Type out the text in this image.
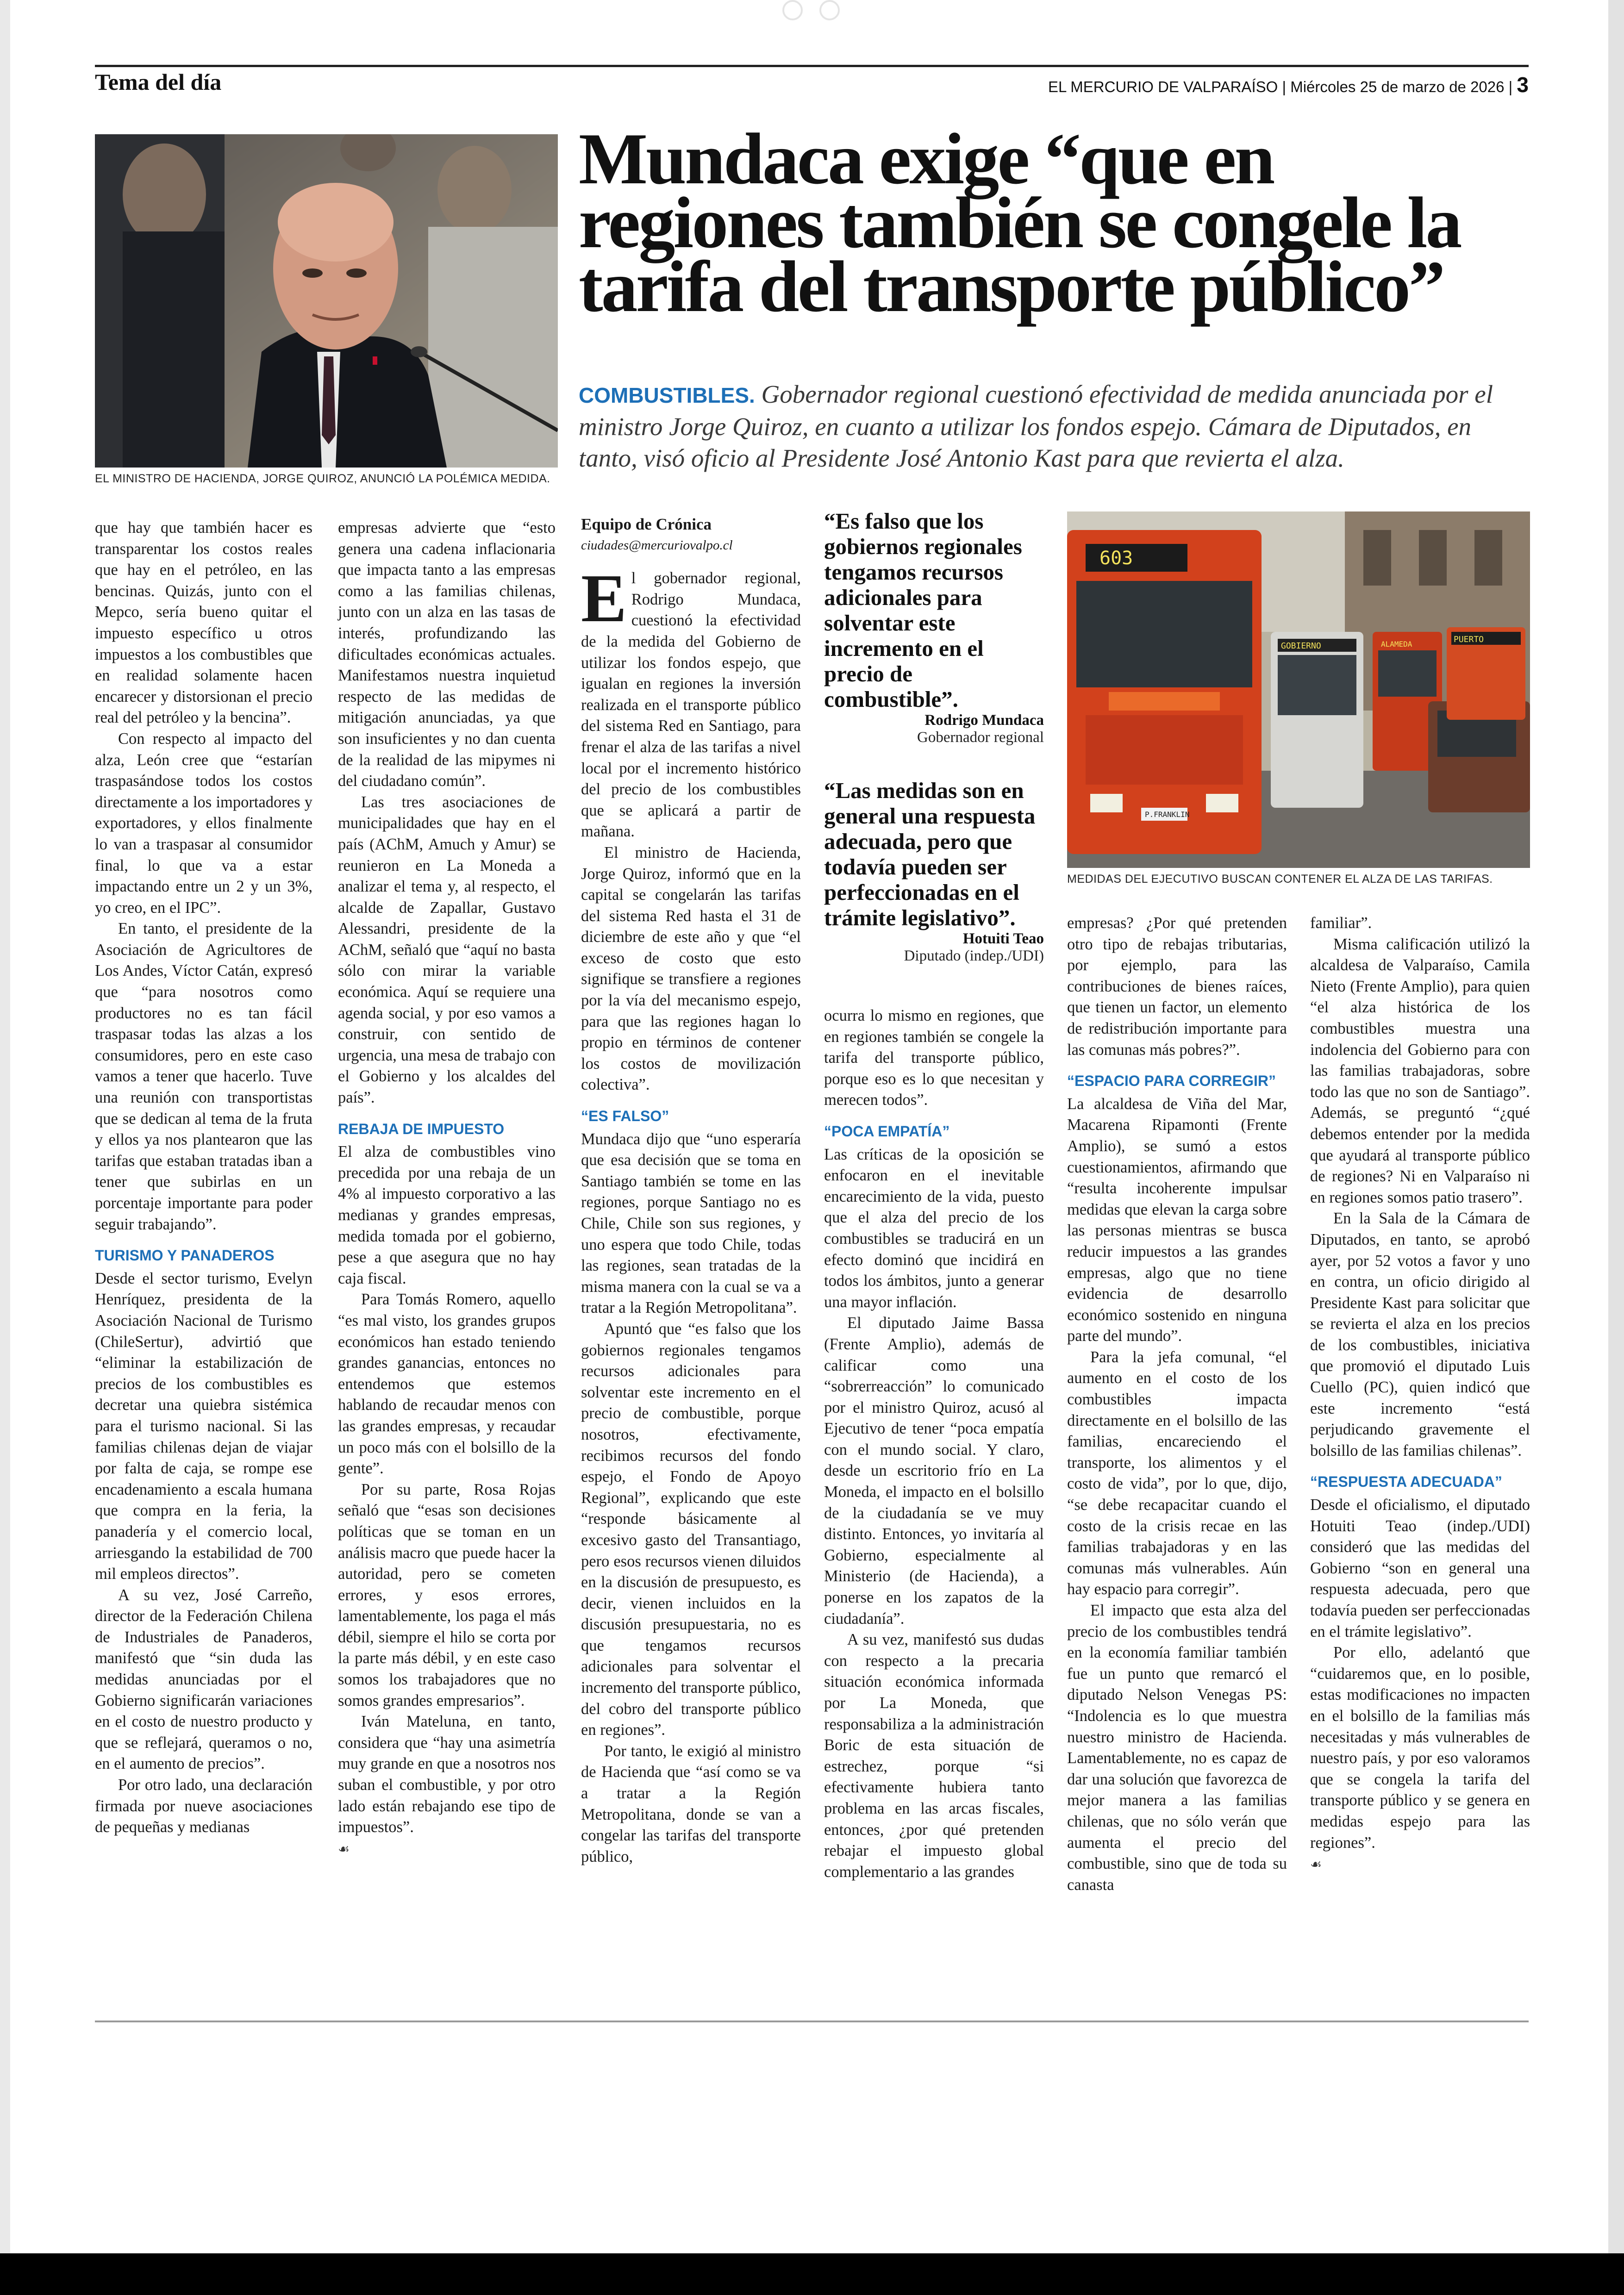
Tema del día	EL MERCURIO DE VALPARAÍSO | Miércoles 25 de marzo de 2026 | 3
EL MINISTRO DE HACIENDA, JORGE QUIROZ, ANUNCIÓ LA POLÉMICA MEDIDA.
Mundaca exige “que en regiones también se congele la tarifa del transporte público”
COMBUSTIBLES. Gobernador regional cuestionó efectividad de medida anunciada por el ministro Jorge Quiroz, en cuanto a utilizar los fondos espejo. Cámara de Diputados, en tanto, visó oficio al Presidente José Antonio Kast para que revierta el alza.

que hay que también hacer es transparentar los costos reales que hay en el petróleo, en las bencinas. Quizás, junto con el Mepco, sería bueno quitar el impuesto específico u otros impuestos a los combustibles que en realidad solamente hacen encarecer y distorsionan el precio real del petróleo y la bencina”.

Con respecto al impacto del alza, León cree que “estarían traspasándose todos los costos directamente a los importadores y exportadores, y ellos finalmente lo van a traspasar al consumidor final, lo que va a estar impactando entre un 2 y un 3%, yo creo, en el IPC”.

En tanto, el presidente de la Asociación de Agricultores de Los Andes, Víctor Catán, expresó que “para nosotros como productores no es tan fácil traspasar todas las alzas a los consumidores, pero en este caso vamos a tener que hacerlo. Tuve una reunión con transportistas que se dedican al tema de la fruta y ellos ya nos plantearon que las tarifas que estaban tratadas iban a tener que subirlas en un porcentaje importante para poder seguir trabajando”.

TURISMO Y PANADEROS

Desde el sector turismo, Evelyn Henríquez, presidenta de la Asociación Nacional de Turismo (ChileSertur), advirtió que “eliminar la estabilización de precios de los combustibles es decretar una quiebra sistémica para el turismo nacional. Si las familias chilenas dejan de viajar por falta de caja, se rompe ese encadenamiento a escala humana que compra en la feria, la panadería y el comercio local, arriesgando la estabilidad de 700 mil empleos directos”.

A su vez, José Carreño, director de la Federación Chilena de Industriales de Panaderos, manifestó que “sin duda las medidas anunciadas por el Gobierno significarán variaciones en el costo de nuestro producto y que se reflejará, queramos o no, en el aumento de precios”.

Por otro lado, una declaración firmada por nueve asociaciones de pequeñas y medianas

empresas advierte que “esto genera una cadena inflacionaria que impacta tanto a las empresas como a las familias chilenas, junto con un alza en las tasas de interés, profundizando las dificultades económicas actuales. Manifestamos nuestra inquietud respecto de las medidas de mitigación anunciadas, ya que son insuficientes y no dan cuenta de la realidad de las mipymes ni del ciudadano común”.

Las tres asociaciones de municipalidades que hay en el país (AChM, Amuch y Amur) se reunieron en La Moneda a analizar el tema y, al respecto, el alcalde de Zapallar, Gustavo Alessandri, presidente de la AChM, señaló que “aquí no basta sólo con mirar la variable económica. Aquí se requiere una agenda social, y por eso vamos a construir, con sentido de urgencia, una mesa de trabajo con el Gobierno y los alcaldes del país”.

REBAJA DE IMPUESTO

El alza de combustibles vino precedida por una rebaja de un 4% al impuesto corporativo a las medianas y grandes empresas, medida tomada por el gobierno, pese a que asegura que no hay caja fiscal.

Para Tomás Romero, aquello “es mal visto, los grandes grupos económicos han estado teniendo grandes ganancias, entonces no entendemos que estemos hablando de recaudar menos con las grandes empresas, y recaudar un poco más con el bolsillo de la gente”.

Por su parte, Rosa Rojas señaló que “esas son decisiones políticas que se toman en un análisis macro que puede hacer la autoridad, pero se cometen errores, y esos errores, lamentablemente, los paga el más débil, siempre el hilo se corta por la parte más débil, y en este caso somos los trabajadores que no somos grandes empresarios”.

Iván Mateluna, en tanto, considera que “hay una asimetría muy grande en que a nosotros nos suban el combustible, y por otro lado están rebajando ese tipo de impuestos”.

☙
Equipo de Crónica
ciudades@mercuriovalpo.cl

El gobernador regional, Rodrigo Mundaca, cuestionó la efectividad de la medida del Gobierno de utilizar los fondos espejo, que igualan en regiones la inversión realizada en el transporte público del sistema Red en Santiago, para frenar el alza de las tarifas a nivel local por el incremento histórico del precio de los combustibles que se aplicará a partir de mañana.

El ministro de Hacienda, Jorge Quiroz, informó que en la capital se congelarán las tarifas del sistema Red hasta el 31 de diciembre de este año y que “el exceso de costo que esto signifique se transfiere a regiones por la vía del mecanismo espejo, para que las regiones hagan lo propio en términos de contener los costos de movilización colectiva”.

“ES FALSO”

Mundaca dijo que “uno esperaría que esa decisión que se toma en Santiago también se tome en las regiones, porque Santiago no es Chile, Chile son sus regiones, y uno espera que todo Chile, todas las regiones, sean tratadas de la misma manera con la cual se va a tratar a la Región Metropolitana”.

Apuntó que “es falso que los gobiernos regionales tengamos recursos adicionales para solventar este incremento en el precio de combustible, porque nosotros, efectivamente, recibimos recursos del fondo espejo, el Fondo de Apoyo Regional”, explicando que este “responde básicamente al excesivo gasto del Transantiago, pero esos recursos vienen diluidos en la discusión de presupuesto, es decir, vienen incluidos en la discusión presupuestaria, no es que tengamos recursos adicionales para solventar el incremento del transporte público, del cobro del transporte público en regiones”.

Por tanto, le exigió al ministro de Hacienda que “así como se va a tratar a la Región Metropolitana, donde se van a congelar las tarifas del transporte público,

“Es falso que los gobiernos regionales tengamos recursos adicionales para solventar este incremento en el precio de combustible”.
Rodrigo Mundaca
Gobernador regional
“Las medidas son en general una respuesta adecuada, pero que todavía pueden ser perfeccionadas en el trámite legislativo”.
Hotuiti Teao
Diputado (indep./UDI)

ocurra lo mismo en regiones, que en regiones también se congele la tarifa del transporte público, porque eso es lo que necesitan y merecen todos”.

“POCA EMPATÍA”

Las críticas de la oposición se enfocaron en el inevitable encarecimiento de la vida, puesto que el alza del precio de los combustibles se traducirá en un efecto dominó que incidirá en todos los ámbitos, junto a generar una mayor inflación.

El diputado Jaime Bassa (Frente Amplio), además de calificar como una “sobrerreacción” lo comunicado por el ministro Quiroz, acusó al Ejecutivo de tener “poca empatía con el mundo social. Y claro, desde un escritorio frío en La Moneda, el impacto en el bolsillo de la ciudadanía se ve muy distinto. Entonces, yo invitaría al Gobierno, especialmente al Ministerio (de Hacienda), a ponerse en los zapatos de la ciudadanía”.

A su vez, manifestó sus dudas con respecto a la precaria situación económica informada por La Moneda, que responsabiliza a la administración Boric de esta situación de estrechez, porque “si efectivamente hubiera tanto problema en las arcas fiscales, entonces, ¿por qué pretenden rebajar el impuesto global complementario a las grandes

603
GOBIERNO	ALAMEDA	PUERTO
P.FRANKLIN
MEDIDAS DEL EJECUTIVO BUSCAN CONTENER EL ALZA DE LAS TARIFAS.

empresas? ¿Por qué pretenden otro tipo de rebajas tributarias, por ejemplo, para las contribuciones de bienes raíces, que tienen un factor, un elemento de redistribución importante para las comunas más pobres?”.

“ESPACIO PARA CORREGIR”

La alcaldesa de Viña del Mar, Macarena Ripamonti (Frente Amplio), se sumó a estos cuestionamientos, afirmando que “resulta incoherente impulsar medidas que elevan la carga sobre las personas mientras se busca reducir impuestos a las grandes empresas, algo que no tiene evidencia de desarrollo económico sostenido en ninguna parte del mundo”.

Para la jefa comunal, “el aumento en el costo de los combustibles impacta directamente en el bolsillo de las familias, encareciendo el transporte, los alimentos y el costo de vida”, por lo que, dijo, “se debe recapacitar cuando el costo de la crisis recae en las familias trabajadoras y en las comunas más vulnerables. Aún hay espacio para corregir”.

El impacto que esta alza del precio de los combustibles tendrá en la economía familiar también fue un punto que remarcó el diputado Nelson Venegas PS: “Indolencia es lo que muestra nuestro ministro de Hacienda. Lamentablemente, no es capaz de dar una solución que favorezca de mejor manera a las familias chilenas, que no sólo verán que aumenta el precio del combustible, sino que de toda su canasta

familiar”.

Misma calificación utilizó la alcaldesa de Valparaíso, Camila Nieto (Frente Amplio), para quien “el alza histórica de los combustibles muestra una indolencia del Gobierno para con las familias trabajadoras, sobre todo las que no son de Santiago”. Además, se preguntó “¿qué debemos entender por la medida que ayudará al transporte público de regiones? Ni en Valparaíso ni en regiones somos patio trasero”.

En la Sala de la Cámara de Diputados, en tanto, se aprobó ayer, por 52 votos a favor y uno en contra, un oficio dirigido al Presidente Kast para solicitar que se revierta el alza en los precios de los combustibles, iniciativa que promovió el diputado Luis Cuello (PC), quien indicó que este incremento “está perjudicando gravemente el bolsillo de las familias chilenas”.

“RESPUESTA ADECUADA”

Desde el oficialismo, el diputado Hotuiti Teao (indep./UDI) consideró que las medidas del Gobierno “son en general una respuesta adecuada, pero que todavía pueden ser perfeccionadas en el trámite legislativo”.

Por ello, adelantó que “cuidaremos que, en lo posible, estas modificaciones no impacten en el bolsillo de la familias más necesitadas y más vulnerables de nuestro país, y por eso valoramos que se congela la tarifa del transporte público y se genera en medidas espejo para las regiones”.

☙
